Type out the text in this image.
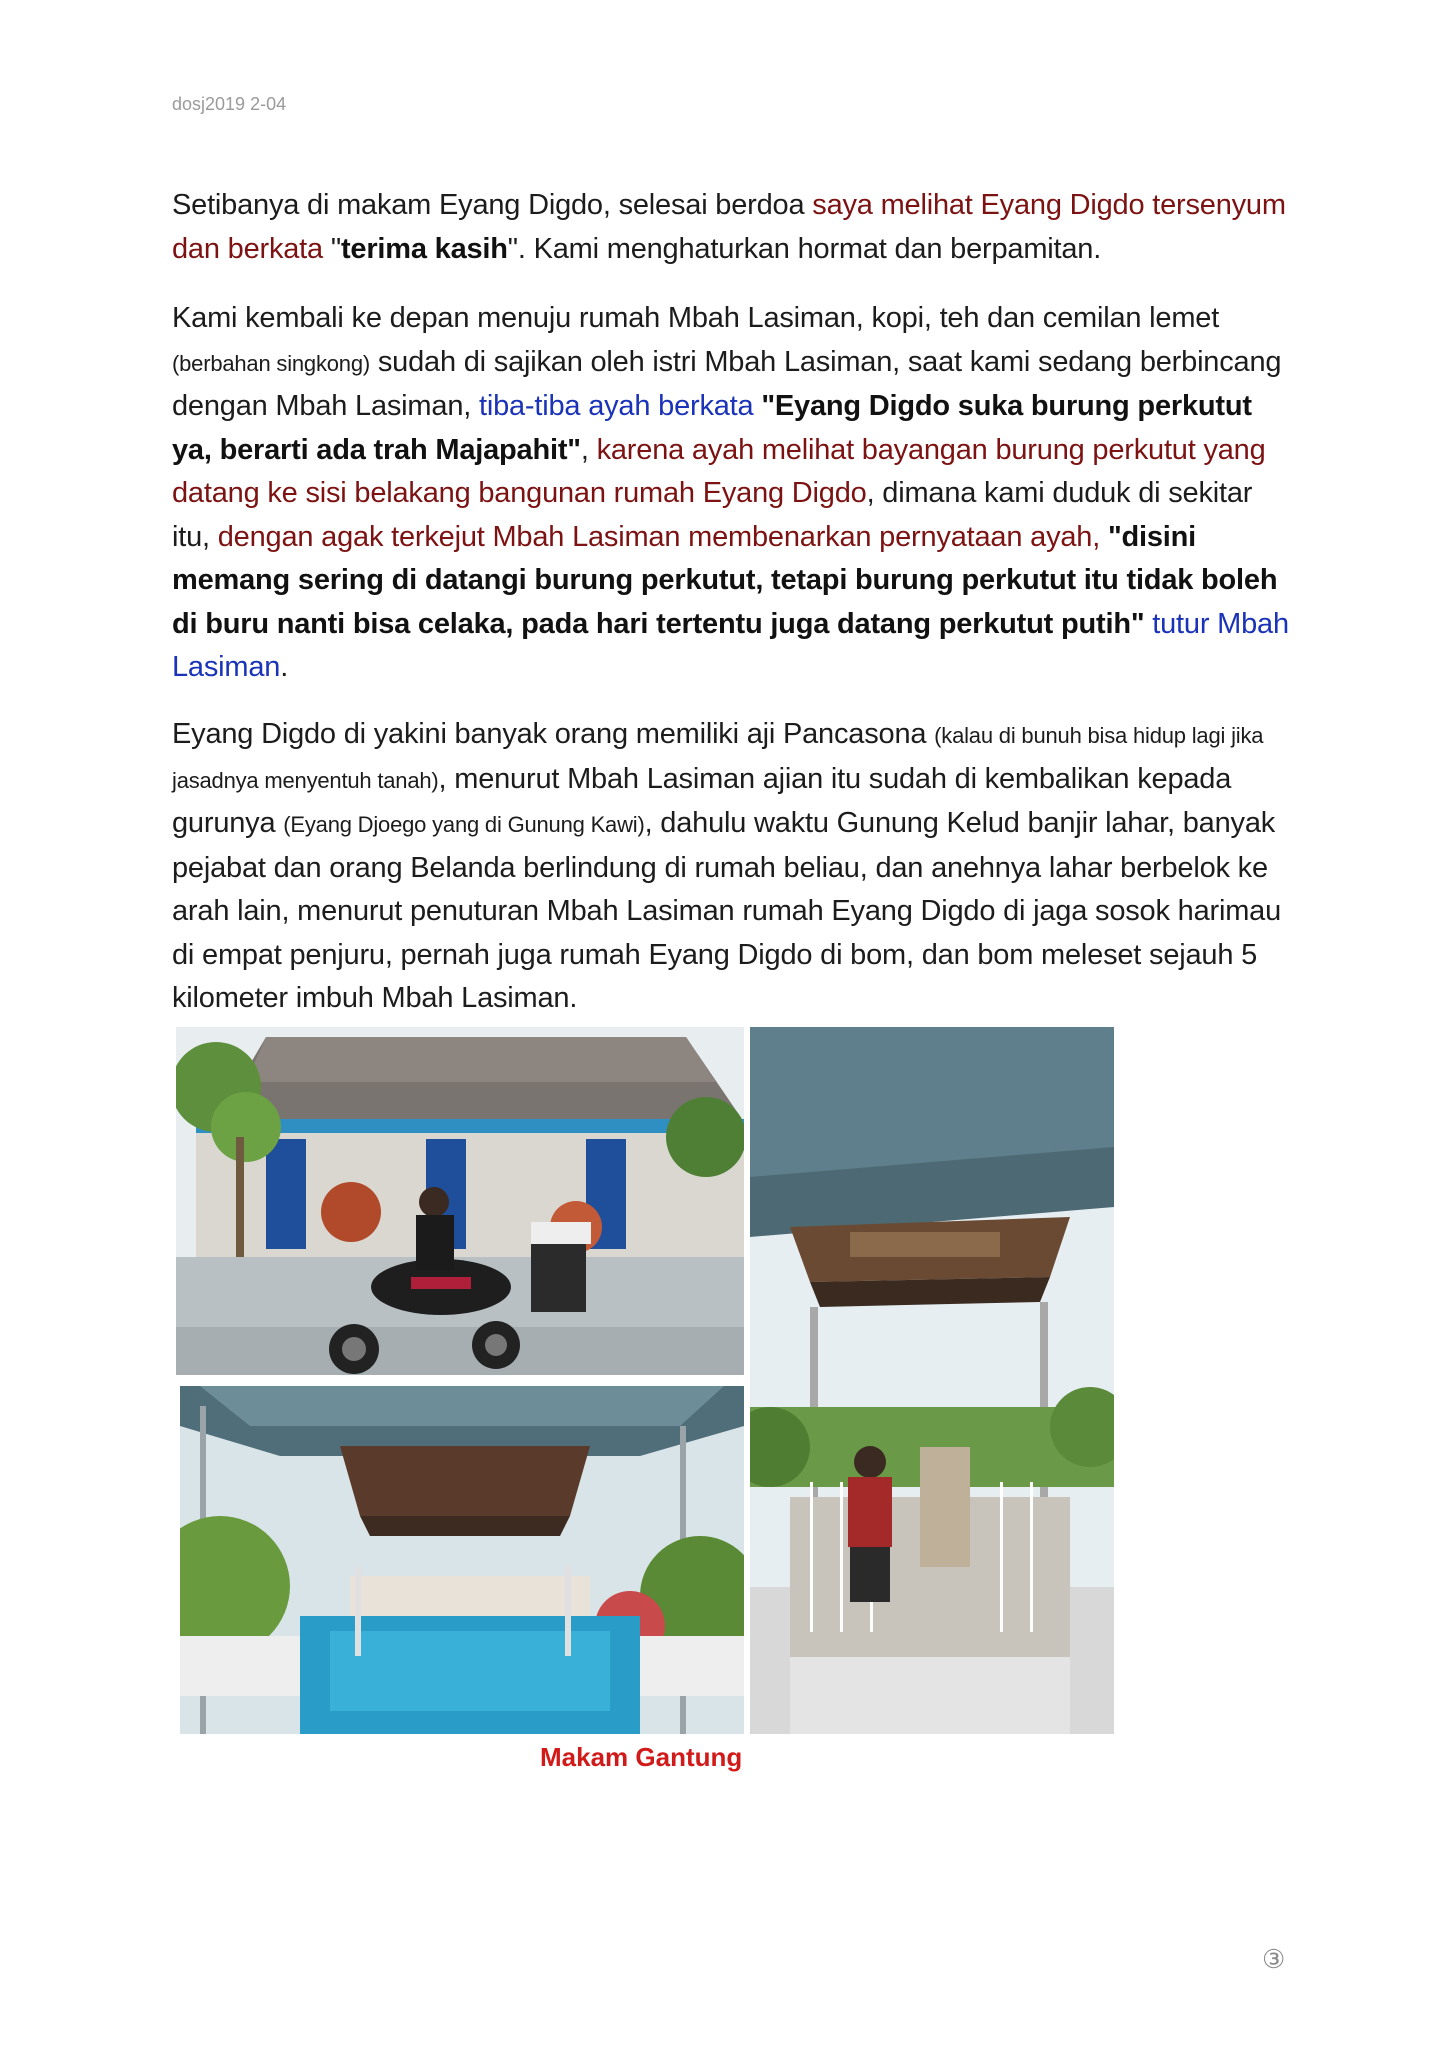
dosj2019 2-04
Setibanya di makam Eyang Digdo, selesai berdoa saya melihat Eyang Digdo tersenyum dan berkata "terima kasih". Kami menghaturkan hormat dan berpamitan.
Kami kembali ke depan menuju rumah Mbah Lasiman, kopi, teh dan cemilan lemet (berbahan singkong) sudah di sajikan oleh istri Mbah Lasiman, saat kami sedang berbincang dengan Mbah Lasiman, tiba-tiba ayah berkata "Eyang Digdo suka burung perkutut ya, berarti ada trah Majapahit", karena ayah melihat bayangan burung perkutut yang datang ke sisi belakang bangunan rumah Eyang Digdo, dimana kami duduk di sekitar itu, dengan agak terkejut Mbah Lasiman membenarkan pernyataan ayah, "disini memang sering di datangi burung perkutut, tetapi burung perkutut itu tidak boleh di buru nanti bisa celaka, pada hari tertentu juga datang perkutut putih" tutur Mbah Lasiman.
Eyang Digdo di yakini banyak orang memiliki aji Pancasona (kalau di bunuh bisa hidup lagi jika jasadnya menyentuh tanah), menurut Mbah Lasiman ajian itu sudah di kembalikan kepada gurunya (Eyang Djoego yang di Gunung Kawi), dahulu waktu Gunung Kelud banjir lahar, banyak pejabat dan orang Belanda berlindung di rumah beliau, dan anehnya lahar berbelok ke arah lain, menurut penuturan Mbah Lasiman rumah Eyang Digdo di jaga sosok harimau di empat penjuru, pernah juga rumah Eyang Digdo di bom, dan bom meleset sejauh 5 kilometer imbuh Mbah Lasiman.
Makam Gantung
③
